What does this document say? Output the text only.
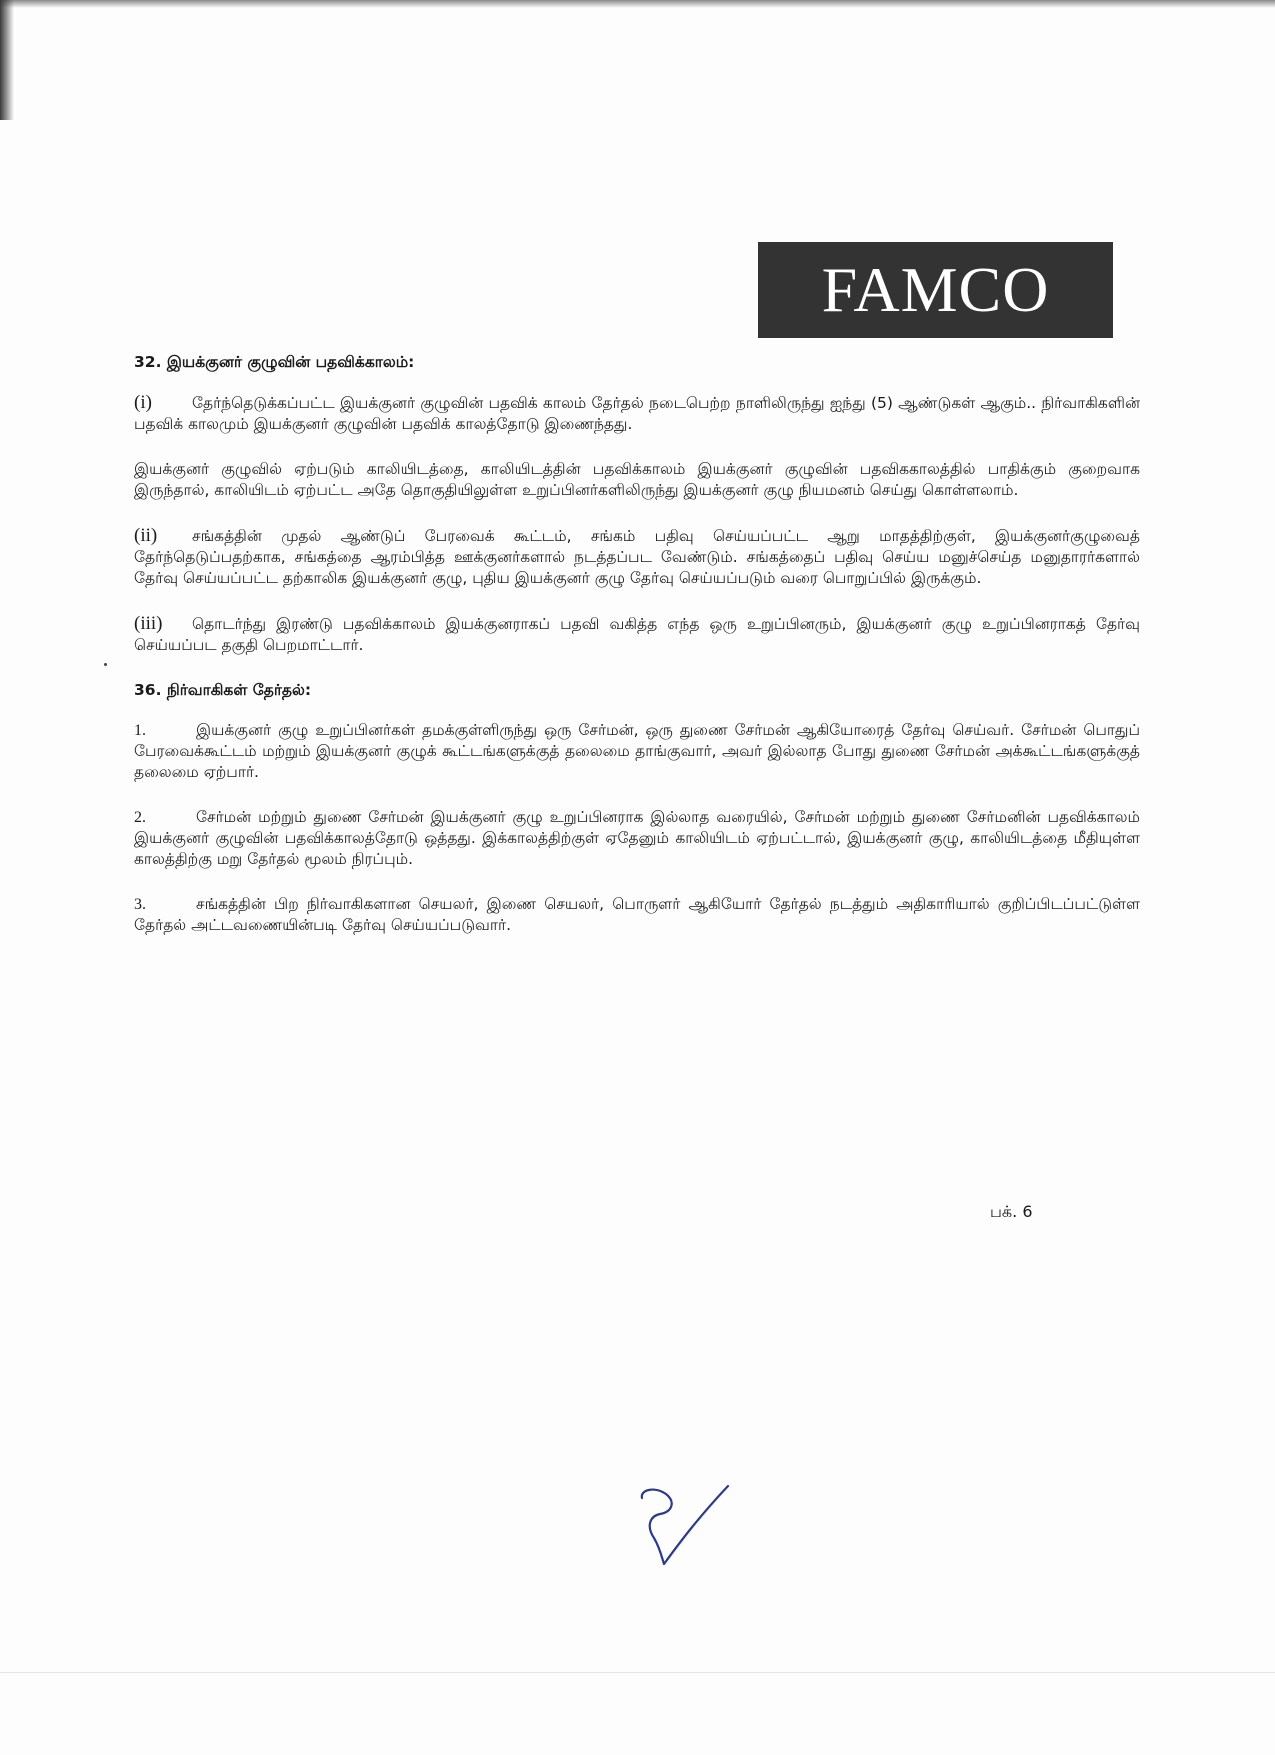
FAMCO
32. இயக்குனர் குழுவின் பதவிக்காலம்:

(i)	தேர்ந்தெடுக்கப்பட்ட இயக்குனர் குழுவின் பதவிக் காலம் தேர்தல் நடைபெற்ற நாளிலிருந்து ஐந்து (5) ஆண்டுகள் ஆகும்.. நிர்வாகிகளின் பதவிக் காலமும் இயக்குனர் குழுவின் பதவிக் காலத்தோடு இணைந்தது.

இயக்குனர் குழுவில் ஏற்படும் காலியிடத்தை, காலியிடத்தின் பதவிக்காலம் இயக்குனர் குழுவின் பதவிககாலத்தில் பாதிக்கும் குறைவாக இருந்தால், காலியிடம் ஏற்பட்ட அதே தொகுதியிலுள்ள உறுப்பினர்களிலிருந்து இயக்குனர் குழு நியமனம் செய்து கொள்ளலாம்.

(ii) சங்கத்தின் முதல் ஆண்டுப் பேரவைக் கூட்டம், சங்கம் பதிவு செய்யப்பட்ட ஆறு மாதத்திற்குள், இயக்குனர்குழுவைத் தேர்ந்தெடுப்பதற்காக, சங்கத்தை ஆரம்பித்த ஊக்குனர்களால் நடத்தப்பட வேண்டும். சங்கத்தைப் பதிவு செய்ய மனுச்செய்த மனுதாரர்களால் தேர்வு செய்யப்பட்ட தற்காலிக இயக்குனர் குழு, புதிய இயக்குனர் குழு தேர்வு செய்யப்படும் வரை பொறுப்பில் இருக்கும்.

(iii) தொடர்ந்து இரண்டு பதவிக்காலம் இயக்குனராகப் பதவி வகித்த எந்த ஒரு உறுப்பினரும், இயக்குனர் குழு உறுப்பினராகத் தேர்வு செய்யப்பட தகுதி பெறமாட்டார்.

36. நிர்வாகிகள் தேர்தல்:

1.	இயக்குனர் குழு உறுப்பினர்கள் தமக்குள்ளிருந்து ஒரு சேர்மன், ஒரு துணை சேர்மன் ஆகியோரைத் தேர்வு செய்வர். சேர்மன் பொதுப் பேரவைக்கூட்டம் மற்றும் இயக்குனர் குழுக் கூட்டங்களுக்குத் தலைமை தாங்குவார், அவர் இல்லாத போது துணை சேர்மன் அக்கூட்டங்களுக்குத் தலைமை ஏற்பார்.

2.	சேர்மன் மற்றும் துணை சேர்மன் இயக்குனர் குழு உறுப்பினராக இல்லாத வரையில், சேர்மன் மற்றும் துணை சேர்மனின் பதவிக்காலம் இயக்குனர் குழுவின் பதவிக்காலத்தோடு ஒத்தது. இக்காலத்திற்குள் ஏதேனும் காலியிடம் ஏற்பட்டால், இயக்குனர் குழு, காலியிடத்தை மீதியுள்ள காலத்திற்கு மறு தேர்தல் மூலம் நிரப்பும்.

3.	சங்கத்தின் பிற நிர்வாகிகளான செயலர், இணை செயலர், பொருளர் ஆகியோர் தேர்தல் நடத்தும் அதிகாரியால் குறிப்பிடப்பட்டுள்ள தேர்தல் அட்டவணையின்படி தேர்வு செய்யப்படுவார்.

பக். 6
